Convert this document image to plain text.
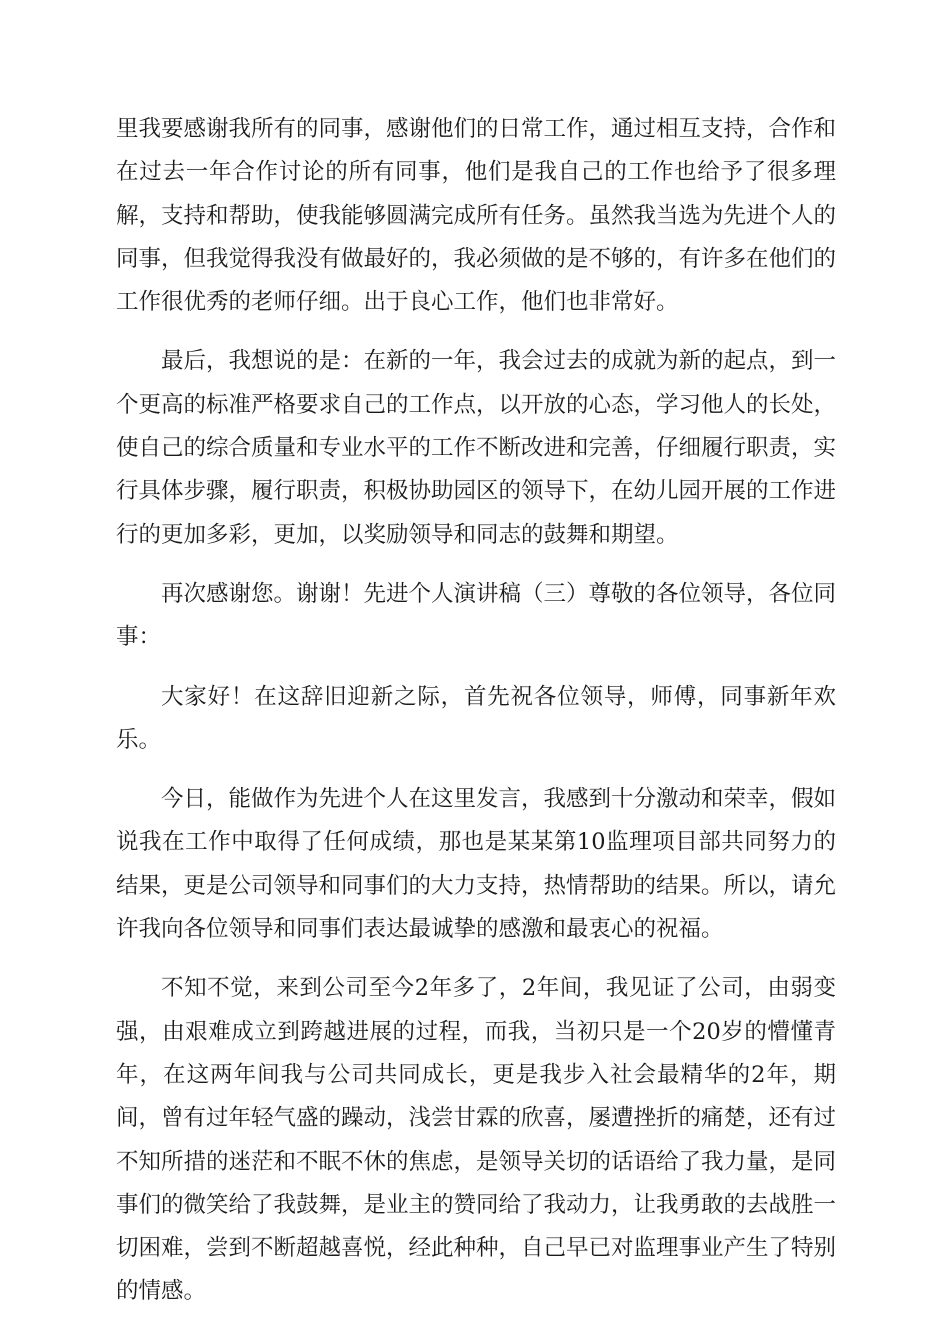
里我要感谢我所有的同事，感谢他们的日常工作，通过相互支持，合作和在过去一年合作讨论的所有同事，他们是我自己的工作也给予了很多理解，支持和帮助，使我能够圆满完成所有任务。虽然我当选为先进个人的同事，但我觉得我没有做最好的，我必须做的是不够的，有许多在他们的工作很优秀的老师仔细。出于良心工作，他们也非常好。

最后，我想说的是：在新的一年，我会过去的成就为新的起点，到一个更高的标准严格要求自己的工作点，以开放的心态，学习他人的长处，使自己的综合质量和专业水平的工作不断改进和完善，仔细履行职责，实行具体步骤，履行职责，积极协助园区的领导下，在幼儿园开展的工作进行的更加多彩，更加，以奖励领导和同志的鼓舞和期望。

再次感谢您。谢谢！先进个人演讲稿（三）尊敬的各位领导，各位同事：

大家好！在这辞旧迎新之际，首先祝各位领导，师傅，同事新年欢乐。

今日，能做作为先进个人在这里发言，我感到十分激动和荣幸，假如说我在工作中取得了任何成绩，那也是某某第10监理项目部共同努力的结果，更是公司领导和同事们的大力支持，热情帮助的结果。所以，请允许我向各位领导和同事们表达最诚挚的感激和最衷心的祝福。

不知不觉，来到公司至今2年多了，2年间，我见证了公司，由弱变强，由艰难成立到跨越进展的过程，而我，当初只是一个20岁的懵懂青年，在这两年间我与公司共同成长，更是我步入社会最精华的2年，期间，曾有过年轻气盛的躁动，浅尝甘霖的欣喜，屡遭挫折的痛楚，还有过不知所措的迷茫和不眠不休的焦虑，是领导关切的话语给了我力量，是同事们的微笑给了我鼓舞，是业主的赞同给了我动力，让我勇敢的去战胜一切困难，尝到不断超越喜悦，经此种种，自己早已对监理事业产生了特别的情感。
